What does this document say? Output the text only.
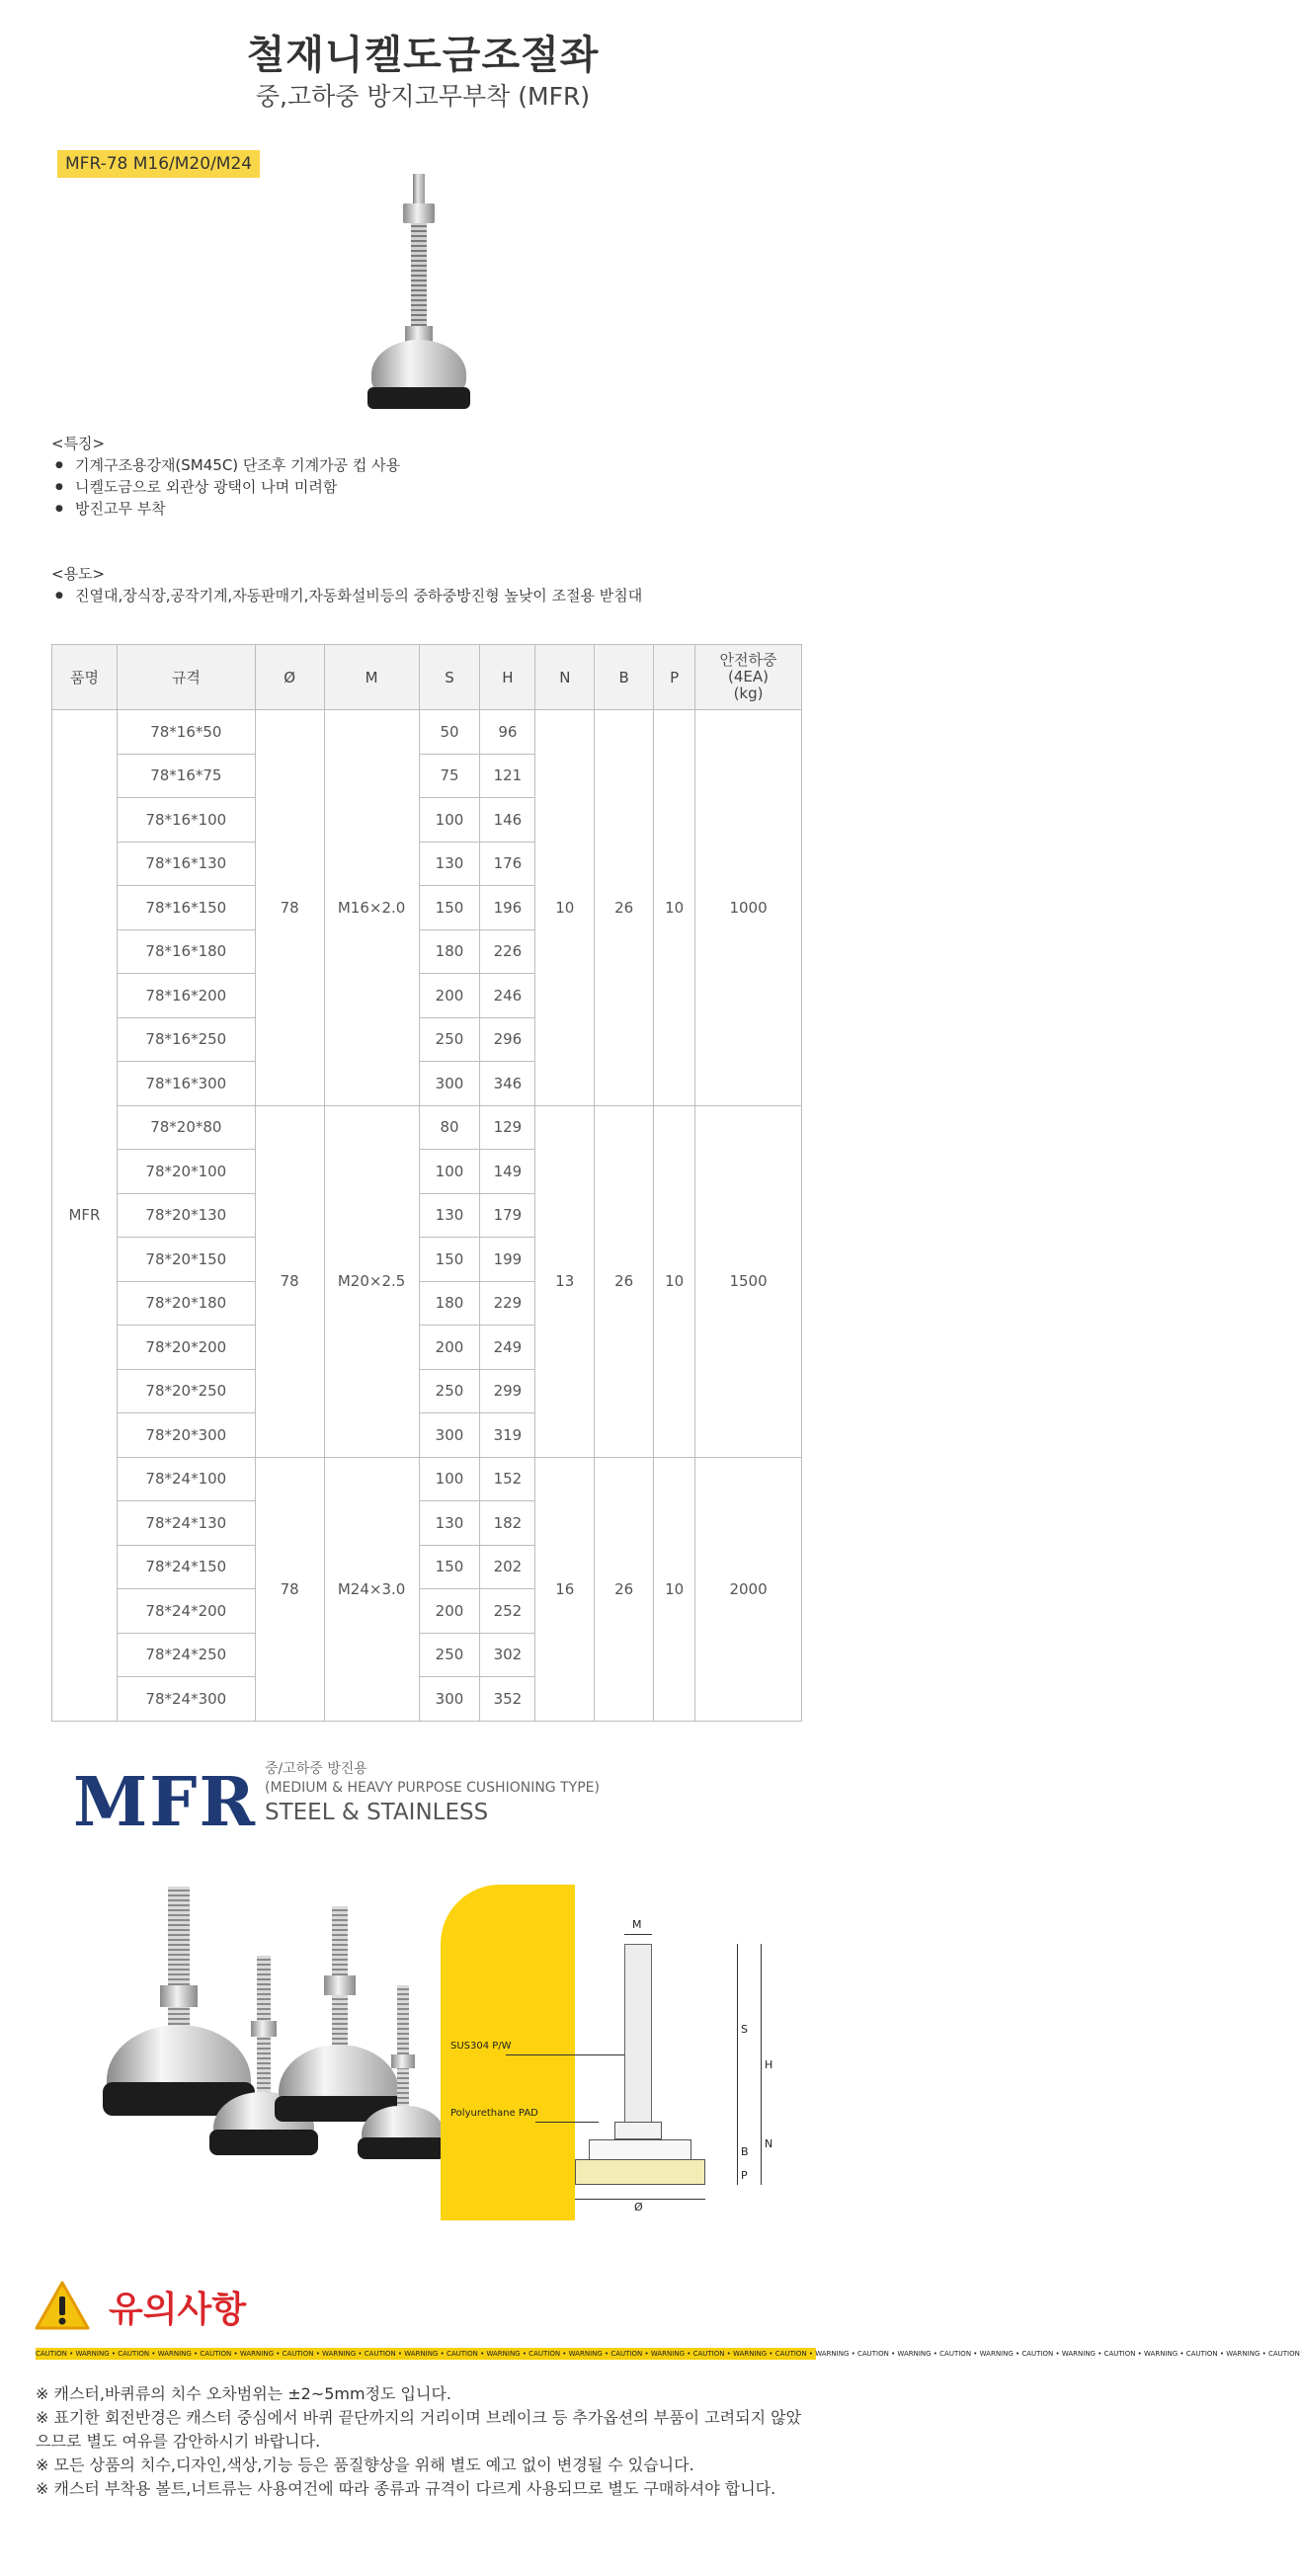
철재니켈도금조절좌
중,고하중 방지고무부착 (MFR)
MFR-78 M16/M20/M24
<특징>
● 기계구조용강재(SM45C) 단조후 기계가공 컵 사용
● 니켈도금으로 외관상 광택이 나며 미려함
● 방진고무 부착
<용도>
● 진열대,장식장,공작기계,자동판매기,자동화설비등의 중하중방진형 높낮이 조절용 받침대
품명	규격	Ø	M	S	H	N	B	P	안전하중
(4EA)
(kg)
MFR	78*16*50	78	M16×2.0	50	96	10	26	10	1000
	78*16*75			75	121				
	78*16*100			100	146				
	78*16*130			130	176				
	78*16*150			150	196				
	78*16*180			180	226				
	78*16*200			200	246				
	78*16*250			250	296				
	78*16*300			300	346				
	78*20*80	78	M20×2.5	80	129	13	26	10	1500
	78*20*100			100	149				
	78*20*130			130	179				
	78*20*150			150	199				
	78*20*180			180	229				
	78*20*200			200	249				
	78*20*250			250	299				
	78*20*300			300	319				
	78*24*100	78	M24×3.0	100	152	16	26	10	2000
	78*24*130			130	182				
	78*24*150			150	202				
	78*24*200			200	252				
	78*24*250			250	302				
	78*24*300			300	352				
MFR 중/고하중 방진용
(MEDIUM & HEAVY PURPOSE CUSHIONING TYPE)
STEEL & STAINLESS
SUS304 P/W
Polyurethane PAD
M
S
H
B
P
N
Ø
유의사항
CAUTION • WARNING • CAUTION • WARNING • CAUTION • WARNING • CAUTION • WARNING • CAUTION • WARNING • CAUTION • WARNING • CAUTION • WARNING • CAUTION • WARNING • CAUTION • WARNING • CAUTION • WARNING • CAUTION • WARNING • CAUTION • WARNING • CAUTION • WARNING • CAUTION • WARNING • CAUTION • WARNING • CAUTION

※ 캐스터,바퀴류의 치수 오차범위는 ±2~5mm정도 입니다.

※ 표기한 회전반경은 캐스터 중심에서 바퀴 끝단까지의 거리이며 브레이크 등 추가옵션의 부품이 고려되지 않았으므로 별도 여유를 감안하시기 바랍니다.

※ 모든 상품의 치수,디자인,색상,기능 등은 품질향상을 위해 별도 예고 없이 변경될 수 있습니다.

※ 캐스터 부착용 볼트,너트류는 사용여건에 따라 종류과 규격이 다르게 사용되므로 별도 구매하셔야 합니다.
